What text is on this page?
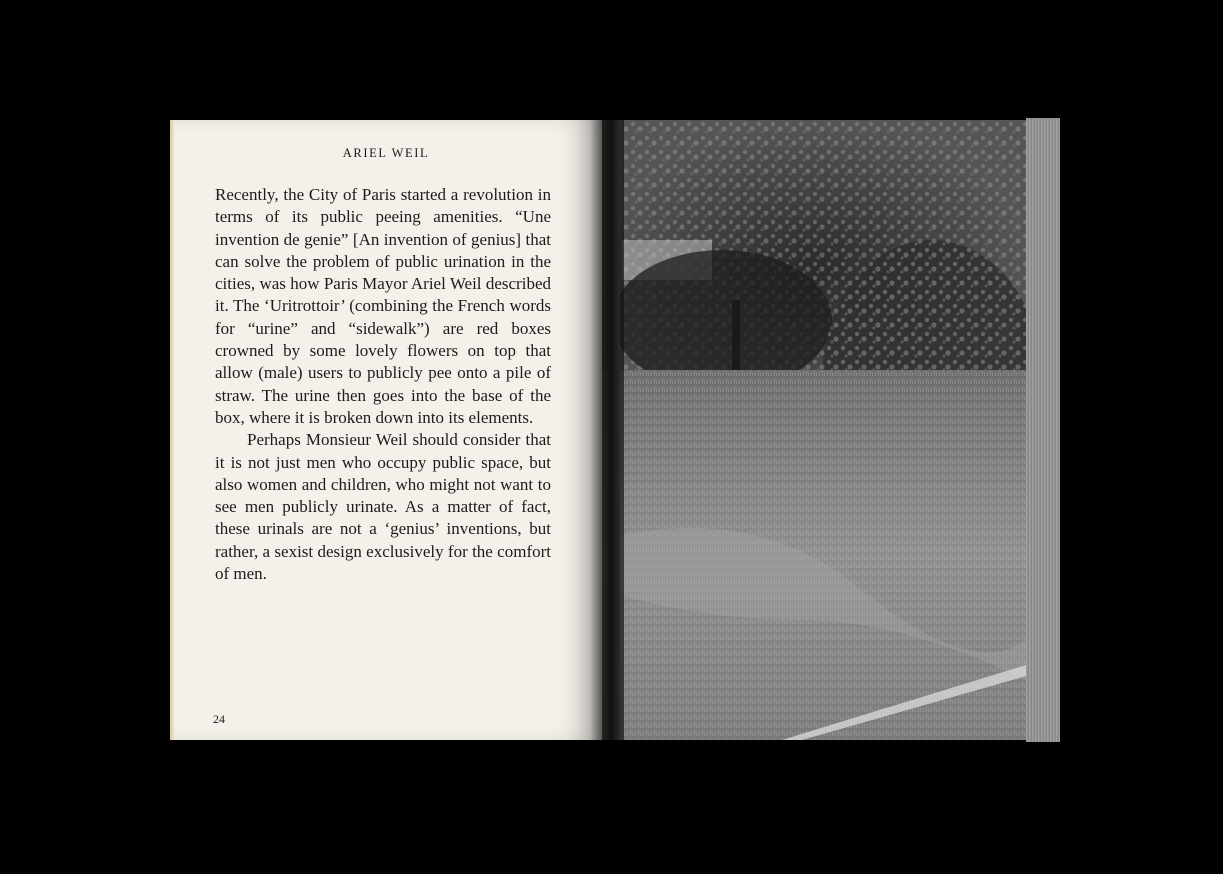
ARIEL WEIL

Recently, the City of Paris started a revolution in terms of its public peeing amenities. “Une invention de genie” [An invention of genius] that can solve the problem of public urination in the cities, was how Paris Mayor Ariel Weil described it. The ‘Uritrottoir’ (combining the French words for “urine” and “sidewalk”) are red boxes crowned by some lovely flowers on top that allow (male) users to publicly pee onto a pile of straw. The urine then goes into the base of the box, where it is broken down into its elements.

Perhaps Monsieur Weil should consider that it is not just men who occupy public space, but also women and children, who might not want to see men publicly urinate. As a matter of fact, these urinals are not a ‘genius’ inventions, but rather, a sexist design exclusively for the comfort of men.

24
